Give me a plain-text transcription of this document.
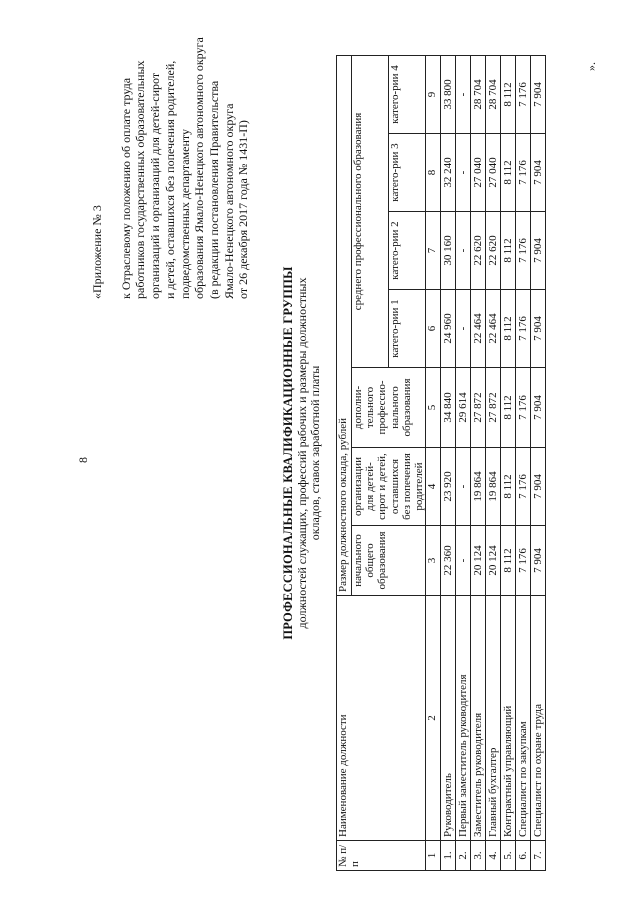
8

«Приложение № 3 к Отраслевому положению об оплате труда работников государственных образовательных организаций и организаций для детей-сирот и детей, оставшихся без попечения родителей, подведомственных департаменту образования Ямало-Ненецкого автономного округа (в редакции постановления Правительства Ямало-Ненецкого автономного округа от 26 декабря 2017 года № 1431-П)

ПРОФЕССИОНАЛЬНЫЕ КВАЛИФИКАЦИОННЫЕ ГРУППЫ должностей служащих, профессий рабочих и размеры должностных окладов, ставок заработной платы
№ п/п	Наименование должности	Размер должностного оклада, рублей						
		начального общего образования	организации для детей-сирот и детей, оставшихся без попечения родителей	дополни-тельного профессио-нального образования	среднего профессионального образования			
					катего-рии 1	катего-рии 2	катего-рии 3	катего-рии 4
1	2	3	4	5	6	7	8	9
1.	Руководитель	22 360	23 920	34 840	24 960	30 160	32 240	33 800
2.	Первый заместитель руководителя	-	-	29 614	-	-	-	-
3.	Заместитель руководителя	20 124	19 864	27 872	22 464	22 620	27 040	28 704
4.	Главный бухгалтер	20 124	19 864	27 872	22 464	22 620	27 040	28 704
5.	Контрактный управляющий	8 112	8 112	8 112	8 112	8 112	8 112	8 112
6.	Специалист по закупкам	7 176	7 176	7 176	7 176	7 176	7 176	7 176
7.	Специалист по охране труда	7 904	7 904	7 904	7 904	7 904	7 904	7 904
».
